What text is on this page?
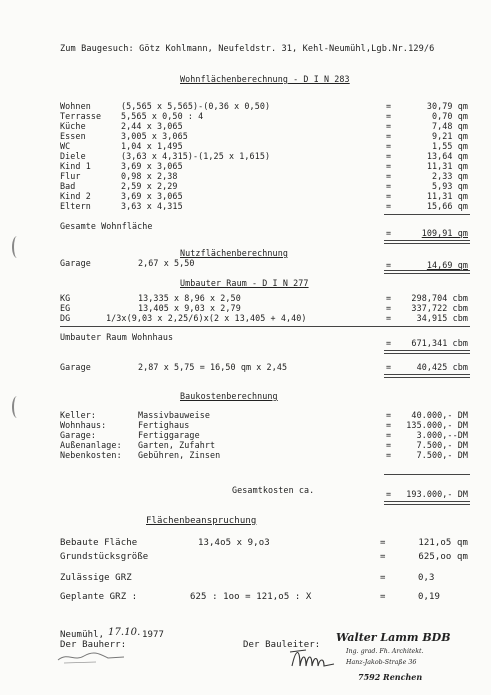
Zum Baugesuch: Götz Kohlmann, Neufeldstr. 31, Kehl-Neumühl,Lgb.Nr.129/6
Wohnflächenberechnung - D I N 283
Wohnen	(5,565 x 5,565)-(0,36 x 0,50)	=	30,79 qm
Terrasse 5,565 x 0,50 : 4	=	0,70 qm
Küche	2,44 x 3,065	=	7,48 qm
Essen	3,005 x 3,065	=	9,21 qm
WC	1,04 x 1,495	=	1,55 qm
Diele	(3,63 x 4,315)-(1,25 x 1,615)	=	13,64 qm
Kind 1	3,69 x 3,065	=	11,31 qm
Flur	0,98 x 2,38	=	2,33 qm
Bad	2,59 x 2,29	=	5,93 qm
Kind 2	3,69 x 3,065	=	11,31 qm
Eltern	3,63 x 4,315	=	15,66 qm
Gesamte Wohnfläche
=	109,91 qm
Nutzflächenberechnung
Garage	2,67 x 5,50	=	14,69 qm
Umbauter Raum - D I N 277
KG	13,335 x 8,96 x 2,50	=	298,704 cbm
EG	13,405 x 9,03 x 2,79	=	337,722 cbm
DG	1/3x(9,03 x 2,25/6)x(2 x 13,405 + 4,40)	=	34,915 cbm
Umbauter Raum Wohnhaus
=	671,341 cbm
Garage	2,87 x 5,75 = 16,50 qm x 2,45	=	40,425 cbm
Baukostenberechnung
Keller:	Massivbauweise	=	40.000,- DM
Wohnhaus:	Fertighaus	=	135.000,- DM
Garage:	Fertiggarage	=	3.000,--DM
Außenanlage: Garten, Zufahrt	=	7.500,- DM
Nebenkosten: Gebühren, Zinsen	=	7.500,- DM
Gesamtkosten ca.	=	193.000,- DM
Flächenbeanspruchung
Bebaute Fläche	13,4o5 x 9,o3	=	121,o5 qm
Grundstücksgröße	=	625,oo qm
Zulässige GRZ	=	0,3
Geplante GRZ :	625 : 1oo = 121,o5 : X	=	0,19
Neumühl, 17.10. 1977
Der Bauherr:	Der Bauleiter:
Walter Lamm BDB
Ing. grad. Fh. Architekt.
Hanz-Jakob-Straße 36
7592 Renchen
